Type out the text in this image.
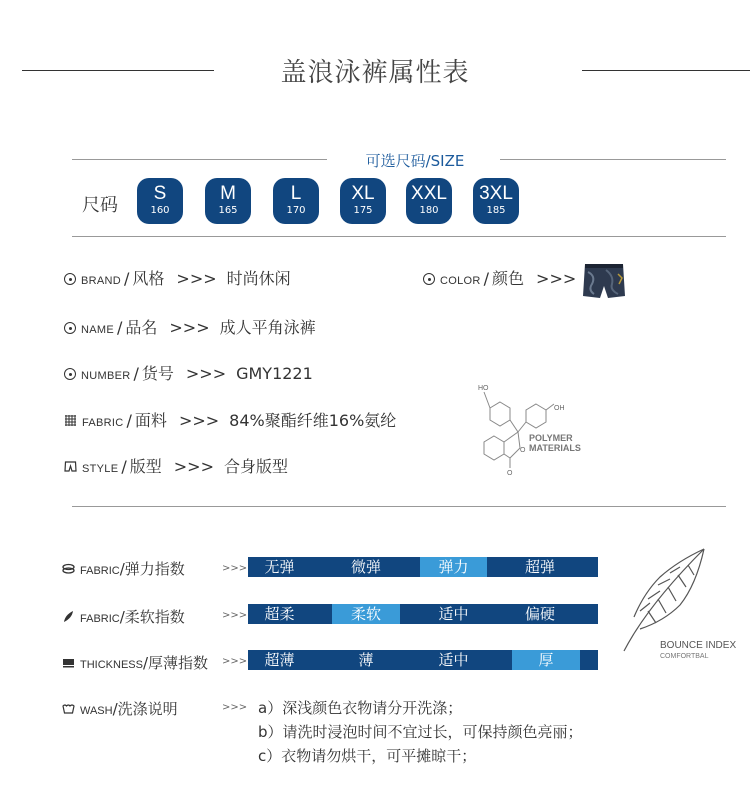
盖浪泳裤属性表
可选尺码/SIZE
尺码
S
160
M
165
L
170
XL
175
XXL
180
3XL
185
BRAND / 风格 >>> 时尚休闲	COLOR / 颜色 >>>
NAME / 品名 >>> 成人平角泳裤
NUMBER / 货号 >>> GMY1221
FABRIC / 面料 >>> 84%聚酯纤维16%氨纶
STYLE / 版型 >>> 合身版型
HO
OH
O
O
POLYMER
MATERIALS
FABRIC/弹力指数	>>>	无弹	微弹	弹力	超弹
FABRIC/柔软指数	>>>	超柔	柔软	适中	偏硬
THICKNESS/厚薄指数 >>>	超薄	薄	适中	厚
BOUNCE INDEX
COMFORTBAL
WASH/洗涤说明	>>> a）深浅颜色衣物请分开洗涤；
b）请洗时浸泡时间不宜过长，可保持颜色亮丽；
c）衣物请勿烘干，可平摊晾干；
